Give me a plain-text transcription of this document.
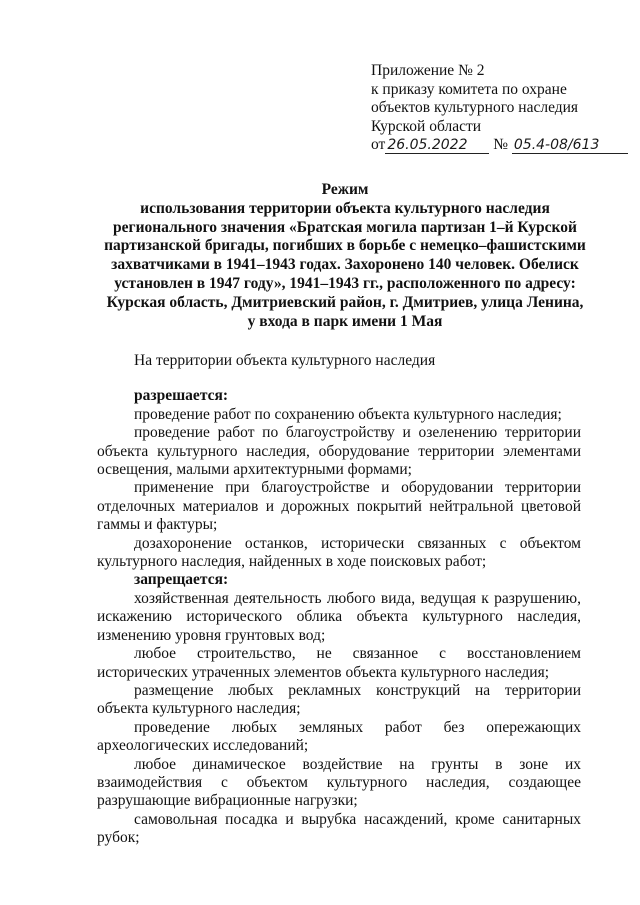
Приложение № 2
к приказу комитета по охране
объектов культурного наследия
Курской области
от 26.05.2022 № 05.4-08/613
Режим
использования территории объекта культурного наследия
регионального значения «Братская могила партизан 1–й Курской
партизанской бригады, погибших в борьбе с немецко–фашистскими
захватчиками в 1941–1943 годах. Захоронено 140 человек. Обелиск
установлен в 1947 году», 1941–1943 гг., расположенного по адресу:
Курская область, Дмитриевский район, г. Дмитриев, улица Ленина,
у входа в парк имени 1 Мая

На территории объекта культурного наследия

разрешается:

проведение работ по сохранению объекта культурного наследия;

проведение работ по благоустройству и озеленению территории объекта культурного наследия, оборудование территории элементами освещения, малыми архитектурными формами;

применение при благоустройстве и оборудовании территории отделочных материалов и дорожных покрытий нейтральной цветовой гаммы и фактуры;

дозахоронение останков, исторически связанных с объектом культурного наследия, найденных в ходе поисковых работ;

запрещается:

хозяйственная деятельность любого вида, ведущая к разрушению, искажению исторического облика объекта культурного наследия, изменению уровня грунтовых вод;

любое строительство, не связанное с восстановлением исторических утраченных элементов объекта культурного наследия;

размещение любых рекламных конструкций на территории объекта культурного наследия;

проведение любых земляных работ без опережающих археологических исследований;

любое динамическое воздействие на грунты в зоне их взаимодействия с объектом культурного наследия, создающее разрушающие вибрационные нагрузки;

самовольная посадка и вырубка насаждений, кроме санитарных рубок;
